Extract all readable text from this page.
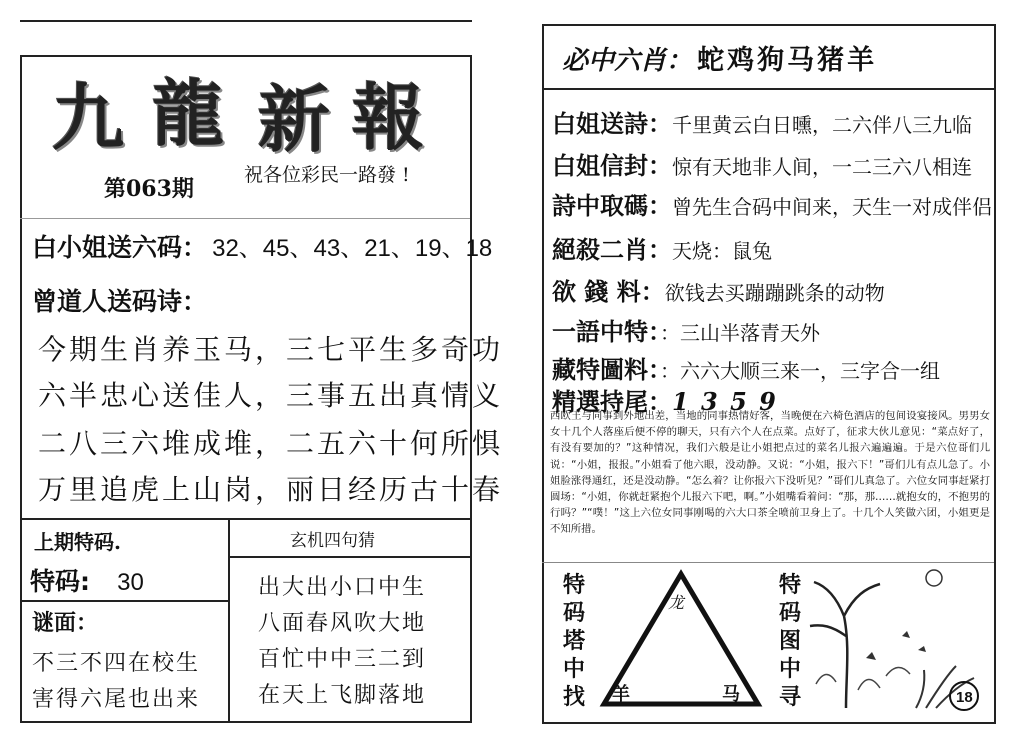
九 龍 新 報
第063期
祝各位彩民一路發 !
白小姐送六码： 32、45、43、21、19、18
曾道人送码诗：
今期生肖养玉马，三七平生多奇功
六半忠心送佳人，三事五出真情义
二八三六堆成堆，二五六十何所惧
万里追虎上山岗，丽日经历古十春
上期特码.
特码: 30
谜面：
不三不四在校生
害得六尾也出来
玄机四句猜
出大出小口中生
八面春风吹大地
百忙中中三二到
在天上飞脚落地
必中六肖： 蛇鸡狗马猪羊
白姐送詩：千里黄云白日曛，二六伴八三九临
白姐信封：惊有天地非人间，一二三六八相连
詩中取碼：曾先生合码中间来，天生一对成伴侣
絕殺二肖：天烧：鼠兔
欲 錢 料：欲钱去买蹦蹦跳条的动物
一語中特：：三山半落青天外
藏特圖料：：六六大顺三来一，三字合一组
精選持尾：1 3 5 9
西欧王与同事到外地出差，当地的同事热情好客，当晚便在六椅色酒店的包间设宴接风。男男女女十几个人落座后便不停的聊天，只有六个人在点菜。点好了，征求大伙儿意见：“菜点好了，有没有要加的？”这种情况，我们六般是让小姐把点过的菜名儿报六遍遍遍。于是六位哥们儿说：“小姐，报报。”小姐看了他六眼，没动静。又说：“小姐，报六下！”哥们儿有点儿急了。小姐脸涨得通红，还是没动静。“怎么着？让你报六下没听见？”哥们儿真急了。六位女同事赶紧打圆场：“小姐，你就赶紧抱个儿报六下吧，啊。”小姐嘴看着问：“那，那……就抱女的，不抱男的行吗？”“噗！”这上六位女同事刚喝的六大口茶全喷前卫身上了。十几个人笑做六团，小姐更是不知所措。
特码塔中找
特码图中寻
龙
羊	马	18
